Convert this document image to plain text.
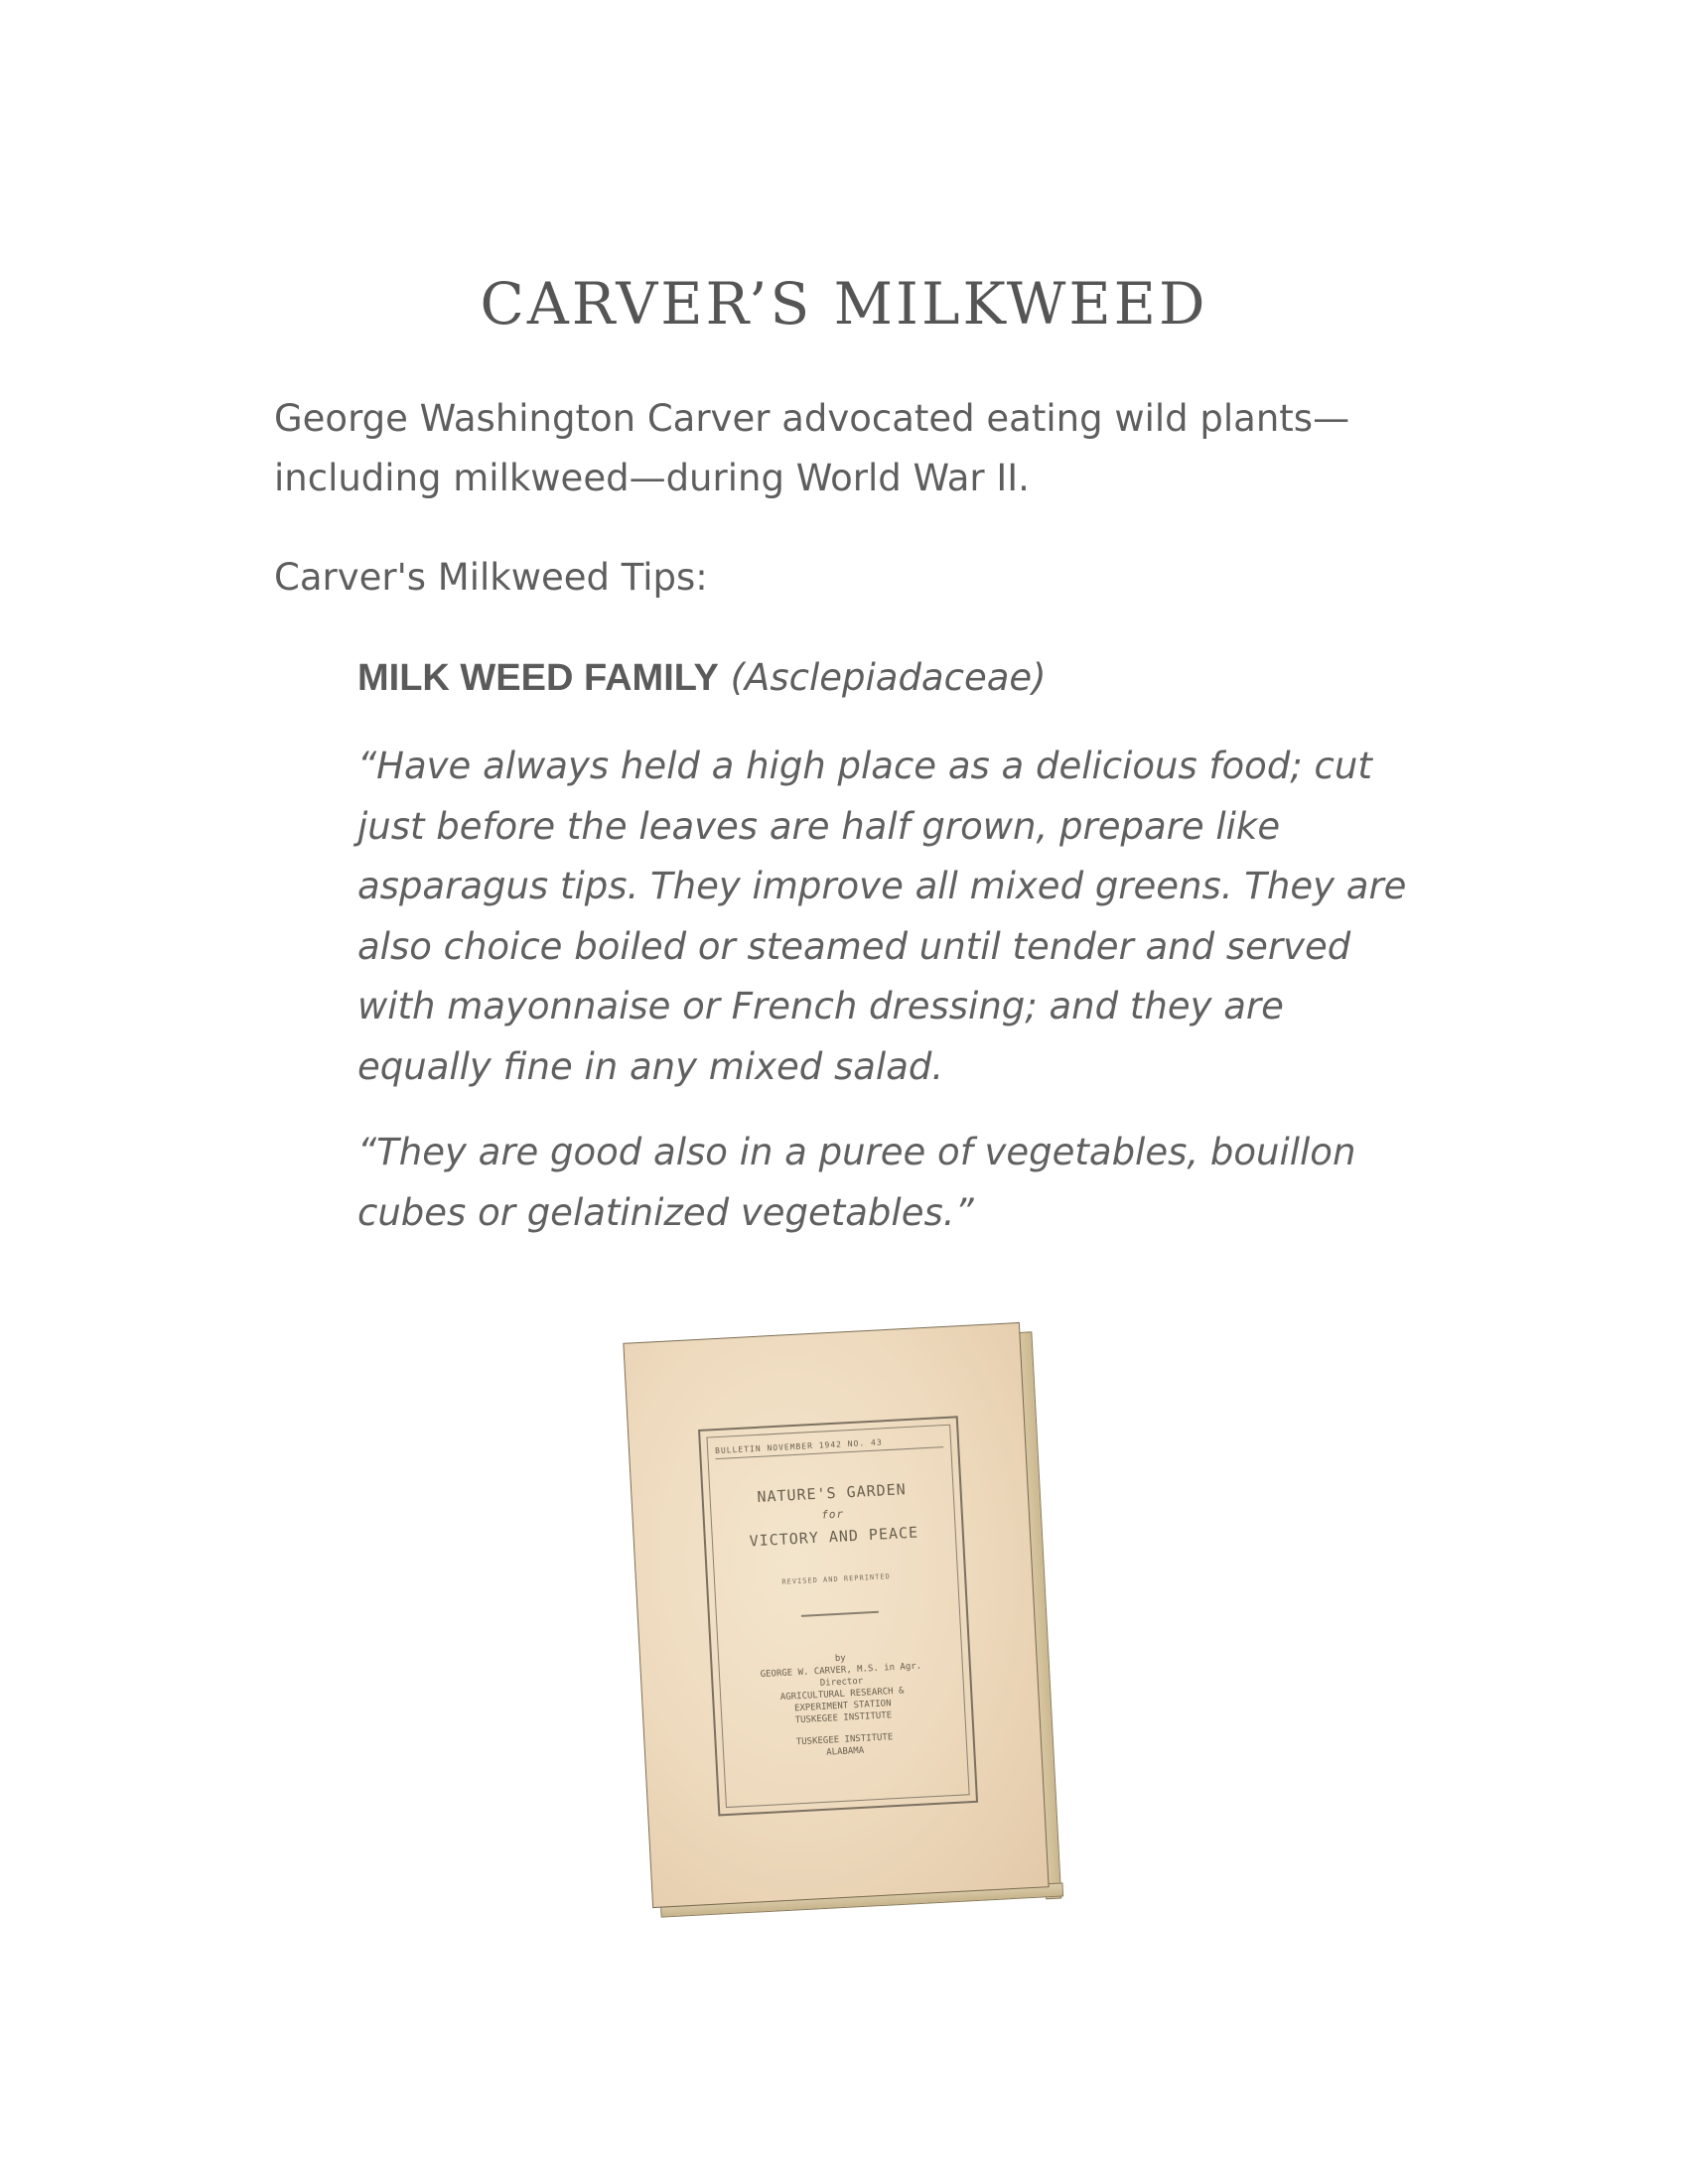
CARVER’S MILKWEED

George Washington Carver advocated eating wild plants—including milkweed—during World War II.

Carver's Milkweed Tips:

MILK WEED FAMILY (Asclepiadaceae)

“Have always held a high place as a delicious food; cut just before the leaves are half grown, prepare like asparagus tips. They improve all mixed greens. They are also choice boiled or steamed until tender and served with mayonnaise or French dressing; and they are equally fine in any mixed salad.

“They are good also in a puree of vegetables, bouillon cubes or gelatinized vegetables.”

BULLETIN NOVEMBER 1942 NO. 43
NATURE'S GARDEN
for
VICTORY AND PEACE
REVISED AND REPRINTED
by
GEORGE W. CARVER, M.S. in Agr.
Director
AGRICULTURAL RESEARCH &
EXPERIMENT STATION
TUSKEGEE INSTITUTE
TUSKEGEE INSTITUTE
ALABAMA
